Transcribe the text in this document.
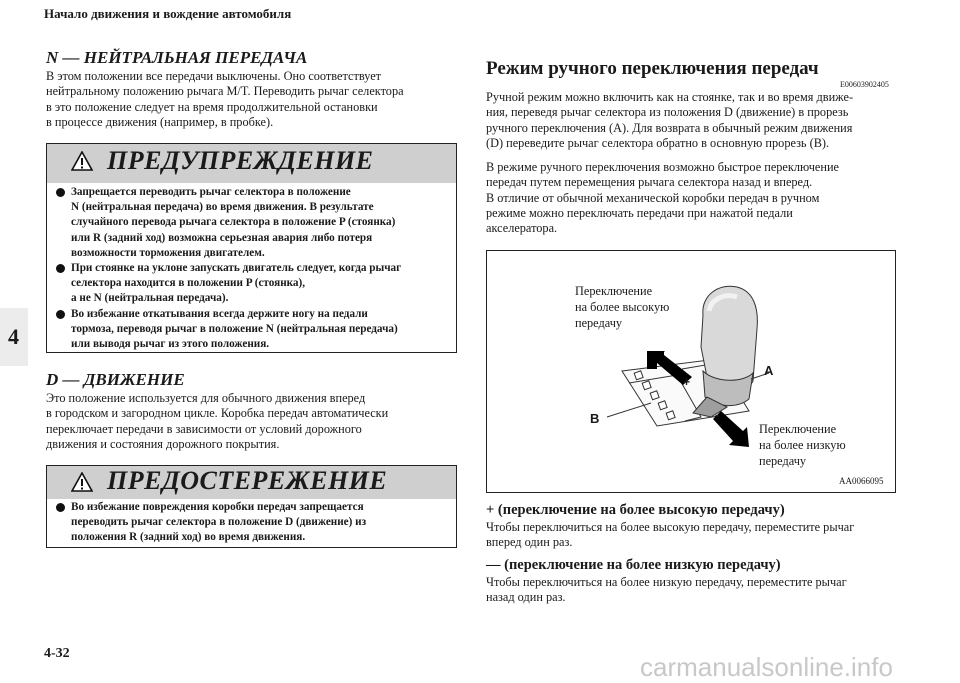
Начало движения и вождение автомобиля
4
N — НЕЙТРАЛЬНАЯ ПЕРЕДАЧА
В этом положении все передачи выключены. Оно соответствует
нейтральному положению рычага M/T. Переводить рычаг селектора
в это положение следует на время продолжительной остановки
в процессе движения (например, в пробке).
ПРЕДУПРЕЖДЕНИЕ
Запрещается переводить рычаг селектора в положение
N (нейтральная передача) во время движения. В результате
случайного перевода рычага селектора в положение P (стоянка)
или R (задний ход) возможна серьезная авария либо потеря
возможности торможения двигателем.
При стоянке на уклоне запускать двигатель следует, когда рычаг
селектора находится в положении P (стоянка),
а не N (нейтральная передача).
Во избежание откатывания всегда держите ногу на педали
тормоза, переводя рычаг в положение N (нейтральная передача)
или выводя рычаг из этого положения.
D — ДВИЖЕНИЕ
Это положение используется для обычного движения вперед
в городском и загородном цикле. Коробка передач автоматически
переключает передачи в зависимости от условий дорожного
движения и состояния дорожного покрытия.
ПРЕДОСТЕРЕЖЕНИЕ
Во избежание повреждения коробки передач запрещается
переводить рычаг селектора в положение D (движение) из
положения R (задний ход) во время движения.
Режим ручного переключения передач
E00603902405
Ручной режим можно включить как на стоянке, так и во время движе-
ния, переведя рычаг селектора из положения D (движение) в прорезь
ручного переключения (A). Для возврата в обычный режим движения
(D) переведите рычаг селектора обратно в основную прорезь (B).
В режиме ручного переключения возможно быстрое переключение
передач путем перемещения рычага селектора назад и вперед.
В отличие от обычной механической коробки передач в ручном
режиме можно переключать передачи при нажатой педали
акселератора.
Переключение
на более высокую
передачу
Переключение
на более низкую
передачу
A
B
+
-
AA0066095
+ (переключение на более высокую передачу)
Чтобы переключиться на более высокую передачу, переместите рычаг
вперед один раз.
— (переключение на более низкую передачу)
Чтобы переключиться на более низкую передачу, переместите рычаг
назад один раз.
4-32	carmanualsonline.info
